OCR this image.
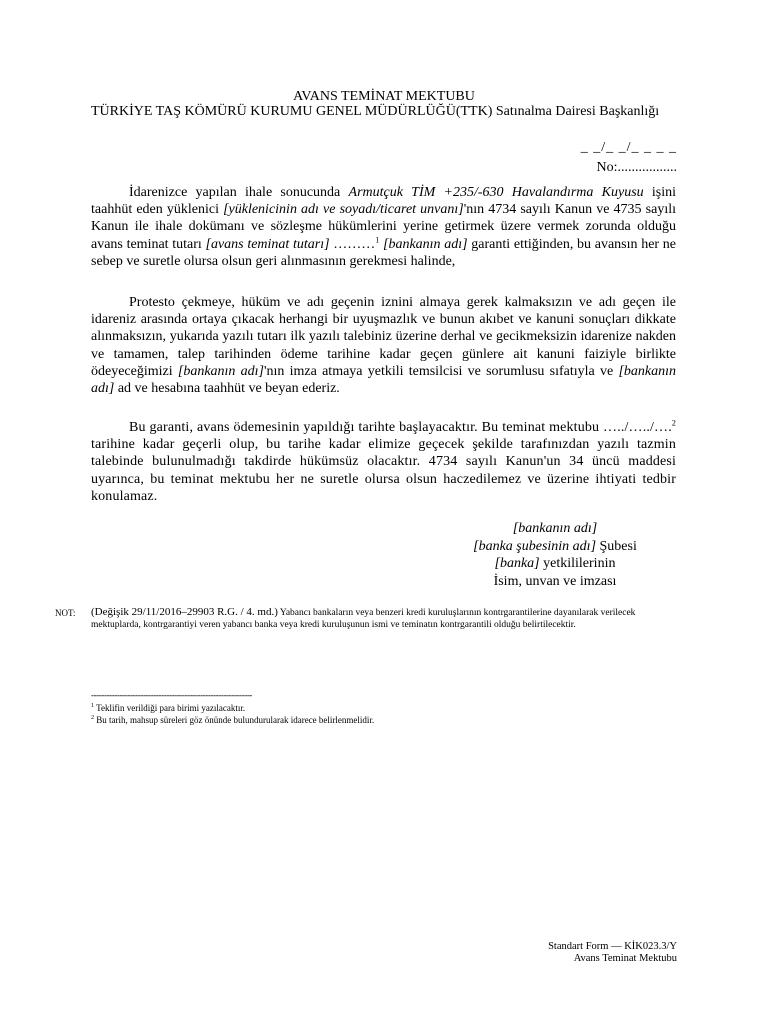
AVANS TEMİNAT MEKTUBU
TÜRKİYE TAŞ KÖMÜRÜ KURUMU GENEL MÜDÜRLÜĞÜ(TTK) Satınalma Dairesi Başkanlığı
_ _/_ _/_ _ _ _
No:.................

İdarenizce yapılan ihale sonucunda Armutçuk TİM +235/-630 Havalandırma Kuyusu işini taahhüt eden yüklenici [yüklenicinin adı ve soyadı/ticaret unvanı]'nın 4734 sayılı Kanun ve 4735 sayılı Kanun ile ihale dokümanı ve sözleşme hükümlerini yerine getirmek üzere vermek zorunda olduğu avans teminat tutarı [avans teminat tutarı] ………$^1$ [bankanın adı] garanti ettiğinden, bu avansın her ne sebep ve suretle olursa olsun geri alınmasının gerekmesi halinde,

Protesto çekmeye, hüküm ve adı geçenin iznini almaya gerek kalmaksızın ve adı geçen ile idareniz arasında ortaya çıkacak herhangi bir uyuşmazlık ve bunun akıbet ve kanuni sonuçları dikkate alınmaksızın, yukarıda yazılı tutarı ilk yazılı talebiniz üzerine derhal ve gecikmeksizin idarenize nakden ve tamamen, talep tarihinden ödeme tarihine kadar geçen günlere ait kanuni faiziyle birlikte ödeyeceğimizi [bankanın adı]'nın imza atmaya yetkili temsilcisi ve sorumlusu sıfatıyla ve [bankanın adı] ad ve hesabına taahhüt ve beyan ederiz.

Bu garanti, avans ödemesinin yapıldığı tarihte başlayacaktır. Bu teminat mektubu …../…../….$^2$ tarihine kadar geçerli olup, bu tarihe kadar elimize geçecek şekilde tarafınızdan yazılı tazmin talebinde bulunulmadığı takdirde hükümsüz olacaktır. 4734 sayılı Kanun'un 34 üncü maddesi uyarınca, bu teminat mektubu her ne suretle olursa olsun haczedilemez ve üzerine ihtiyati tedbir konulamaz.

[bankanın adı]
[banka şubesinin adı] Şubesi
[banka] yetkililerinin
İsim, unvan ve imzası
NOT: (Değişik 29/11/2016–29903 R.G. / 4. md.) Yabancı bankaların veya benzeri kredi kuruluşlarının kontrgarantilerine dayanılarak verilecek mektuplarda, kontrgarantiyi veren yabancı banka veya kredi kuruluşunun ismi ve teminatın kontrgarantili olduğu belirtilecektir.
--------------------------------------------------------------
$^1$ Teklifin verildiği para birimi yazılacaktır.
$^2$ Bu tarih, mahsup süreleri göz önünde bulundurularak idarece belirlenmelidir.
Standart Form — KİK023.3/Y
Avans Teminat Mektubu
